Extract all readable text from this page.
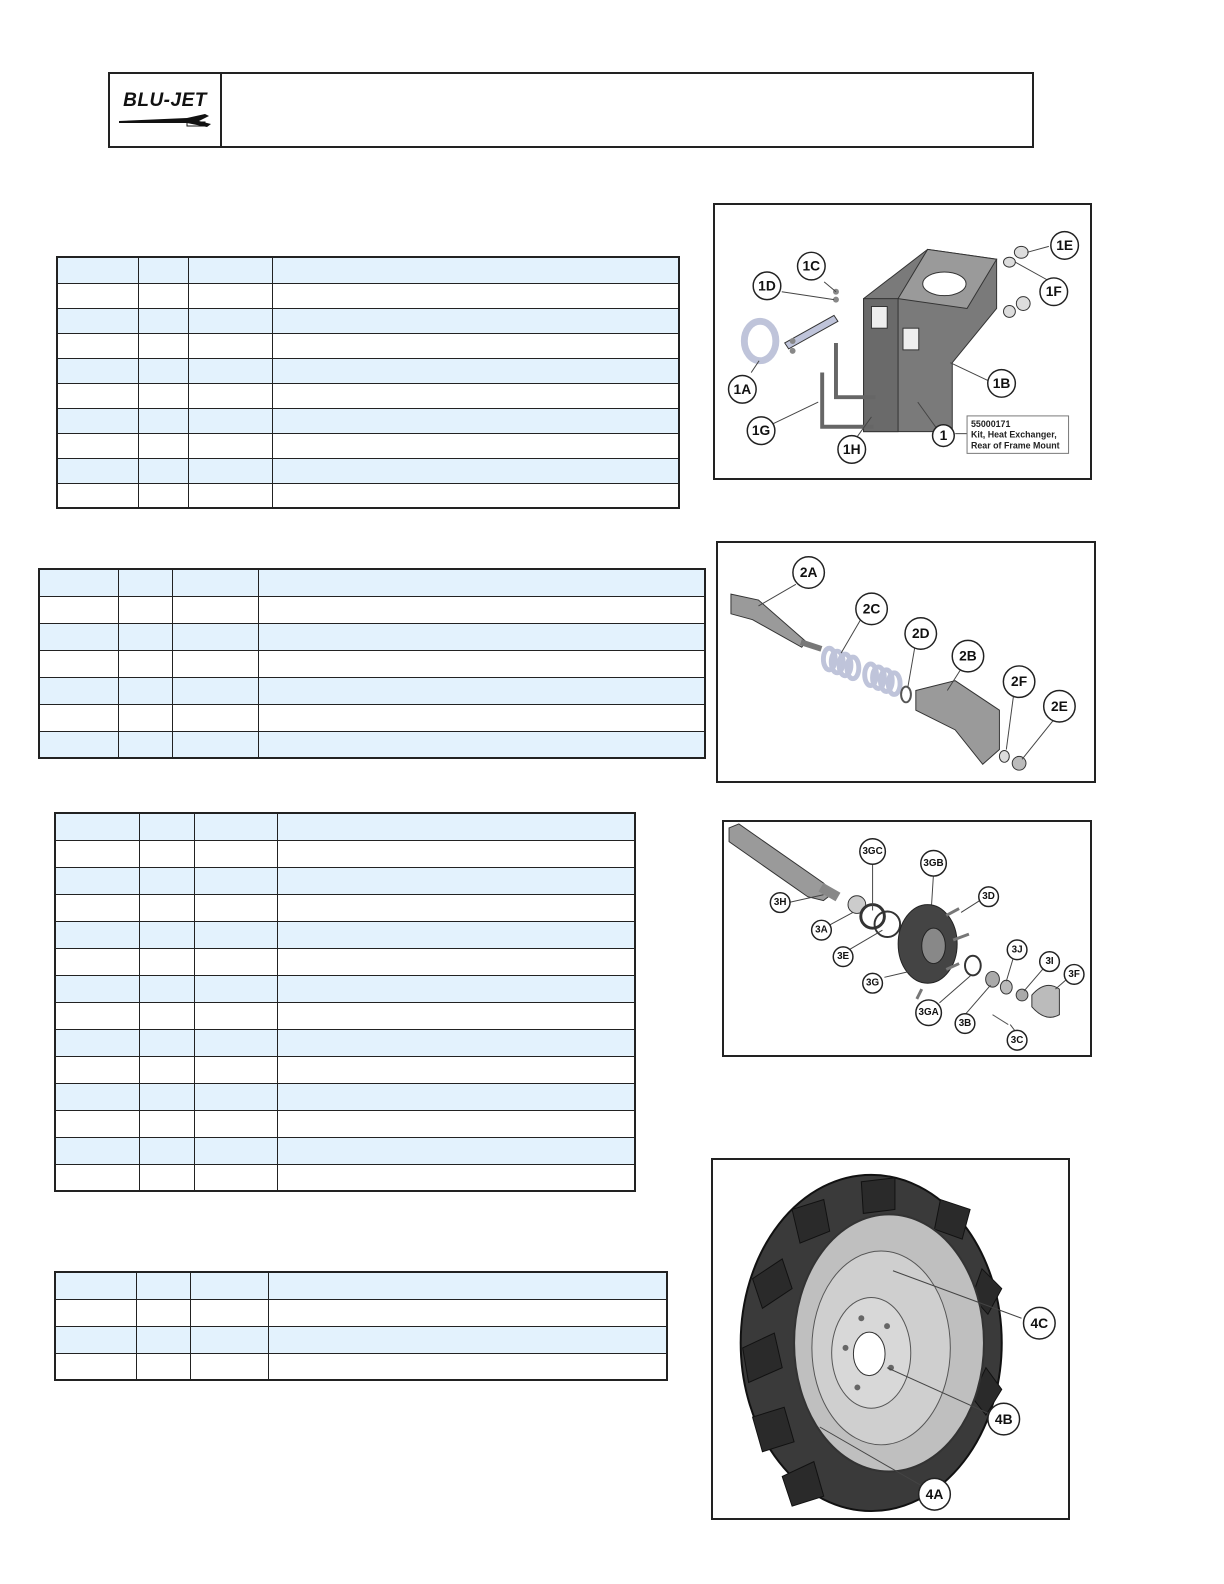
BLU-JET

1C
1D
1E
1F
1A	1B
1G
1H
1
55000171
Kit, Heat Exchanger,
Rear of Frame Mount
2A
2C
2D
2B
2F
2E
3GC
3GB
3H
3D
3A
3E
3J
3I
3F
3G
3GA
3B
3C
4C
4B
4A
